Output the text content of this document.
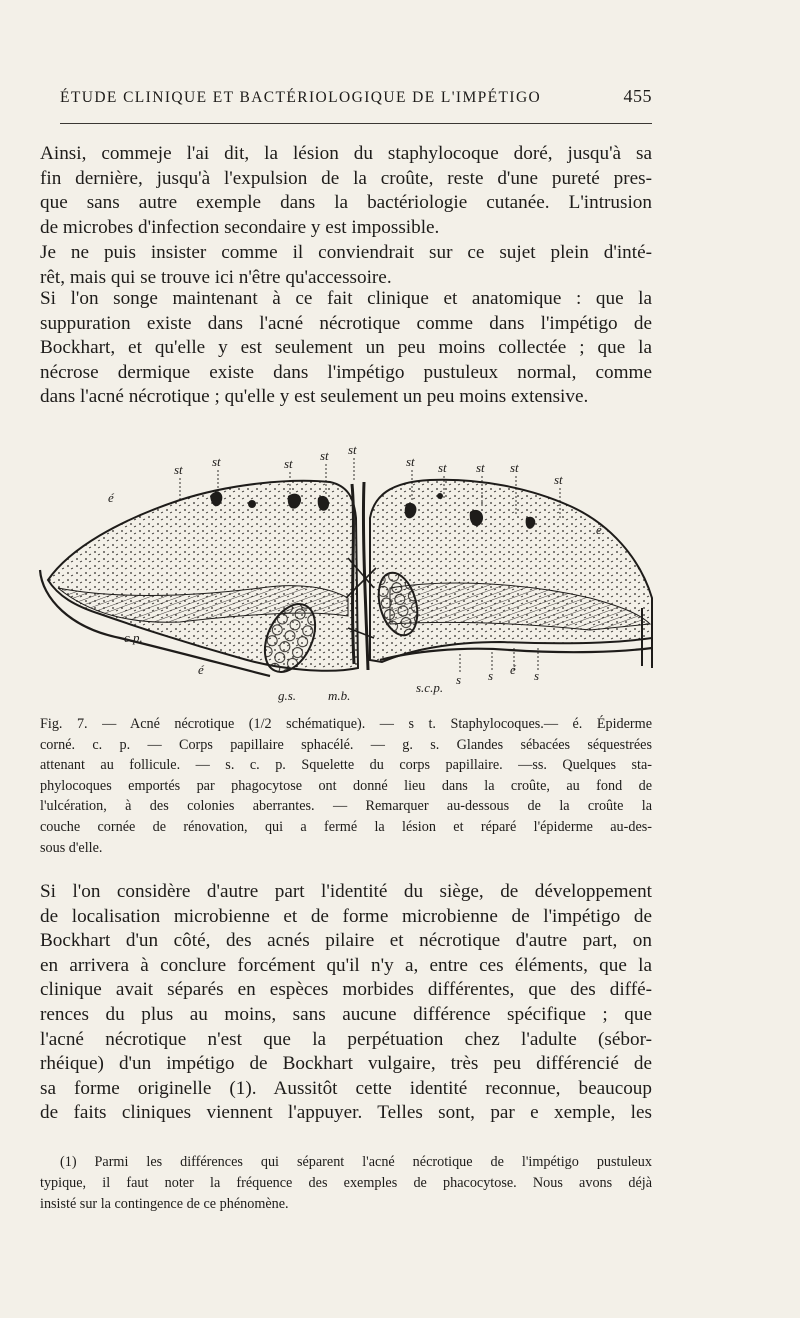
ÉTUDE CLINIQUE ET BACTÉRIOLOGIQUE DE L'IMPÉTIGO	455

Ainsi, commeje l'ai dit, la lésion du staphylocoque doré, jusqu'à sa
fin dernière, jusqu'à l'expulsion de la croûte, reste d'une pureté pres-
que sans autre exemple dans la bactériologie cutanée. L'intrusion
de microbes d'infection secondaire y est impossible.

Je ne puis insister comme il conviendrait sur ce sujet plein d'inté-
rêt, mais qui se trouve ici n'être qu'accessoire.

Si l'on songe maintenant à ce fait clinique et anatomique : que la
suppuration existe dans l'acné nécrotique comme dans l'impétigo de
Bockhart, et qu'elle y est seulement un peu moins collectée ; que la
nécrose dermique existe dans l'impétigo pustuleux normal, comme
dans l'acné nécrotique ; qu'elle y est seulement un peu moins extensive.

st
st	st
st st
st st st st
st
é
é
c.p.
é
g.s. m.b.
s.c.p.
s s é s
Fig. 7. — Acné nécrotique (1/2 schématique). — s t. Staphylocoques.— é. Épiderme
corné. c. p. — Corps papillaire sphacélé. — g. s. Glandes sébacées séquestrées
attenant au follicule. — s. c. p. Squelette du corps papillaire. —ss. Quelques sta-
phylocoques emportés par phagocytose ont donné lieu dans la croûte, au fond de
l'ulcération, à des colonies aberrantes. — Remarquer au-dessous de la croûte la
couche cornée de rénovation, qui a fermé la lésion et réparé l'épiderme au-des-
sous d'elle.

Si l'on considère d'autre part l'identité du siège, de développement
de localisation microbienne et de forme microbienne de l'impétigo de
Bockhart d'un côté, des acnés pilaire et nécrotique d'autre part, on
en arrivera à conclure forcément qu'il n'y a, entre ces éléments, que la
clinique avait séparés en espèces morbides différentes, que des diffé-
rences du plus au moins, sans aucune différence spécifique ; que
l'acné nécrotique n'est que la perpétuation chez l'adulte (sébor-
rhéique) d'un impétigo de Bockhart vulgaire, très peu différencié de
sa forme originelle (1). Aussitôt cette identité reconnue, beaucoup
de faits cliniques viennent l'appuyer. Telles sont, par e xemple, les

(1) Parmi les différences qui séparent l'acné nécrotique de l'impétigo pustuleux
typique, il faut noter la fréquence des exemples de phacocytose. Nous avons déjà
insisté sur la contingence de ce phénomène.
